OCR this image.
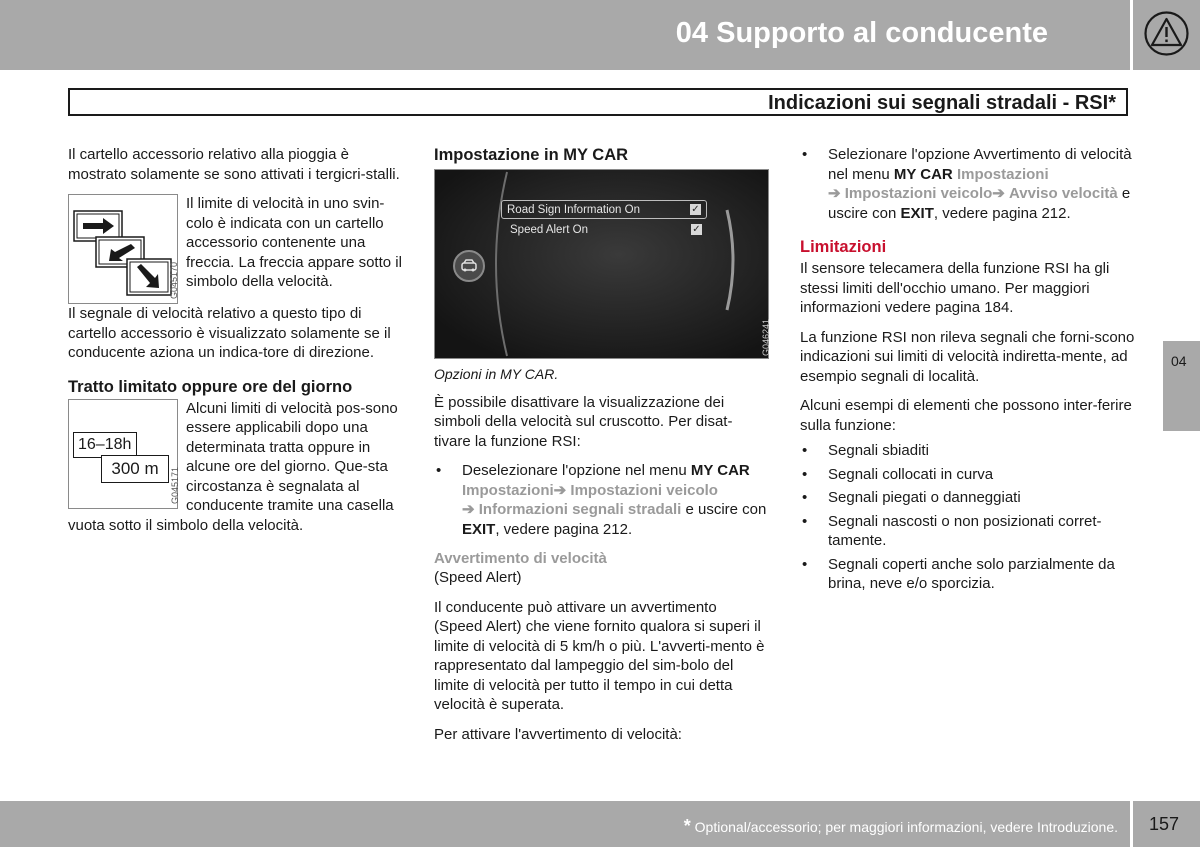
04 Supporto al conducente
Indicazioni sui segnali stradali - RSI*

Il cartello accessorio relativo alla pioggia è mostrato solamente se sono attivati i tergicri-stalli.

G045170

Il limite di velocità in uno svin-colo è indicata con un cartello accessorio contenente una freccia. La freccia appare sotto il simbolo della velocità.

Il segnale di velocità relativo a questo tipo di cartello accessorio è visualizzato solamente se il conducente aziona un indica-tore di direzione.

Tratto limitato oppure ore del giorno
16–18h
300 m	G045171

Alcuni limiti di velocità pos-sono essere applicabili dopo una determinata tratta oppure in alcune ore del giorno. Que-sta circostanza è segnalata al conducente tramite una casella vuota sotto il simbolo della velocità.

Impostazione in MY CAR
Road Sign Information On	✓
Speed Alert On	✓
G046241
Opzioni in MY CAR.

È possibile disattivare la visualizzazione dei simboli della velocità sul cruscotto. Per disat-tivare la funzione RSI:

• Deselezionare l'opzione nel menu MY CAR
Impostazioni➔ Impostazioni veicolo
➔ Informazioni segnali stradali e uscire con EXIT, vedere pagina 212.
Avvertimento di velocità

(Speed Alert)

Il conducente può attivare un avvertimento (Speed Alert) che viene fornito qualora si superi il limite di velocità di 5 km/h o più. L'avverti-mento è rappresentato dal lampeggio del sim-bolo del limite di velocità per tutto il tempo in cui detta velocità è superata.

Per attivare l'avvertimento di velocità:

• Selezionare l'opzione Avvertimento di velocità nel menu MY CAR Impostazioni
➔ Impostazioni veicolo➔ Avviso velocità e uscire con EXIT, vedere pagina 212.
Limitazioni

Il sensore telecamera della funzione RSI ha gli stessi limiti dell'occhio umano. Per maggiori informazioni vedere pagina 184.

La funzione RSI non rileva segnali che forni-scono indicazioni sui limiti di velocità indiretta-mente, ad esempio segnali di località.

Alcuni esempi di elementi che possono inter-ferire sulla funzione:

• Segnali sbiaditi
• Segnali collocati in curva
• Segnali piegati o danneggiati
• Segnali nascosti o non posizionati corret-tamente.
• Segnali coperti anche solo parzialmente da brina, neve e/o sporcizia.
04
* Optional/accessorio; per maggiori informazioni, vedere Introduzione. 157
